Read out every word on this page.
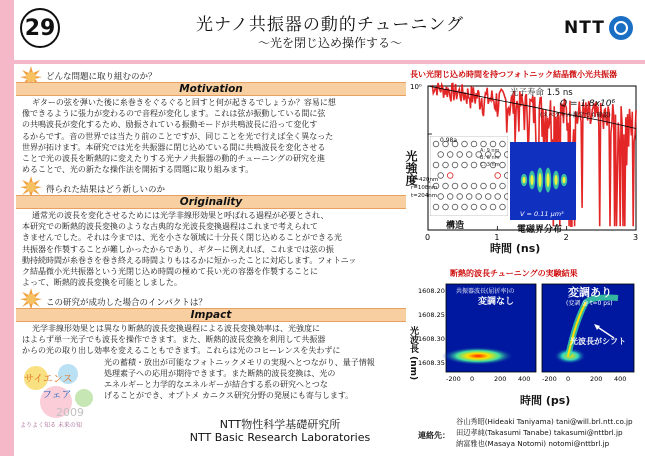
29	光ナノ共振器の動的チューニング
〜光を閉じ込め操作する〜
NTT
どんな問題に取り組むのか？
Motivation
ギターの弦を弾いた後に糸巻きをぐるぐると回すと何が起きるでしょうか？容易に想
像できるように張力が変わるので音程が変化します。これは弦が振動している間に弦
の共鳴波長が変化するため、励振されている振動モードが共鳴波長に沿って変化す
るからです。音の世界では当たり前のことですが、同じことを光で行えば全く異なった
世界が拓けます。本研究では光を共振器に閉じ込めている間に共鳴波長を変化させる
ことで光の波長を断熱的に変えたりする光ナノ共振器の動的チューニングの研究を進
めることで、光の新たな操作法を開拓する問題に取り組みます。
得られた結果はどう新しいのか
Originality
通常光の波長を変化させるためには光学非線形効果と呼ばれる過程が必要とされ、
本研究での断熱的波長変換のような古典的な光波長変換過程はこれまで考えられて
きませんでした。それは今までは、光を小さな領域に十分長く閉じ込めることができる光
共振器を作製することが難しかったからであり、ギターに例えれば、これまでは弦の振
動持続時間が糸巻きを巻き終える時間よりもはるかに短かったことに対応します。フォトニッ
ク結晶微小光共振器という光閉じ込め時間の極めて長い光の容器を作製することに
よって、断熱的波長変換を可能としました。
この研究が成功した場合のインパクトは？
Impact
光学非線形効果とは異なり断熱的波長変換過程による波長変換効率は、光強度に
はよらず単一光子でも波長を操作できます。また、断熱的波長変換を利用して共振器
からの光の取り出し効率を変えることもできます。これらは光のコヒーレンスを失わずに
光の蓄積・放出が可能なフォトニックメモリの実現へとつながり、量子情報
処理素子への応用が期待できます。また断熱的波長変換は、光の
エネルギーと力学的なエネルギーが結合する系の研究へとつな
げることができ、オプトメ カニクス研究分野の発展にも寄与します。
サイエンス
フェア
2009
よりよく知る 未来の知	NTT物性科学基礎研究所
NTT Basic Research Laboratories	連絡先：
谷山秀昭(Hideaki Taniyama) tani@will.brl.ntt.co.jp
田辺孝純(Takasumi Tanabe) takasumi@nttbrl.jp
納富雅也(Masaya Notomi) notomi@nttbrl.jp
長い光閉じ込め時間を持つフォトニック結晶微小光共振器
10⁰
0	1	2	3
光強度
時間 (ns)
光子寿命 1.5 ns
Q = 1.8x10⁶
(スペクトル測定でも確認)
a=420nm
r=108nm
t=204nm
0.98a
A: 9 nm
B: 6 nm
C: 3 nm
構造
V = 0.11 μm³
電磁界分布
断熱的波長チューニングの実験結果
1608.20
1608.25
1608.30
1608.35
-200 0	200 400 -200 0	200 400
共振器波長(屈折率)の
変調なし
変調あり
(変調 @ t=0 ps)
光波長がシフト
光波長 (nm)
時間 (ps)
